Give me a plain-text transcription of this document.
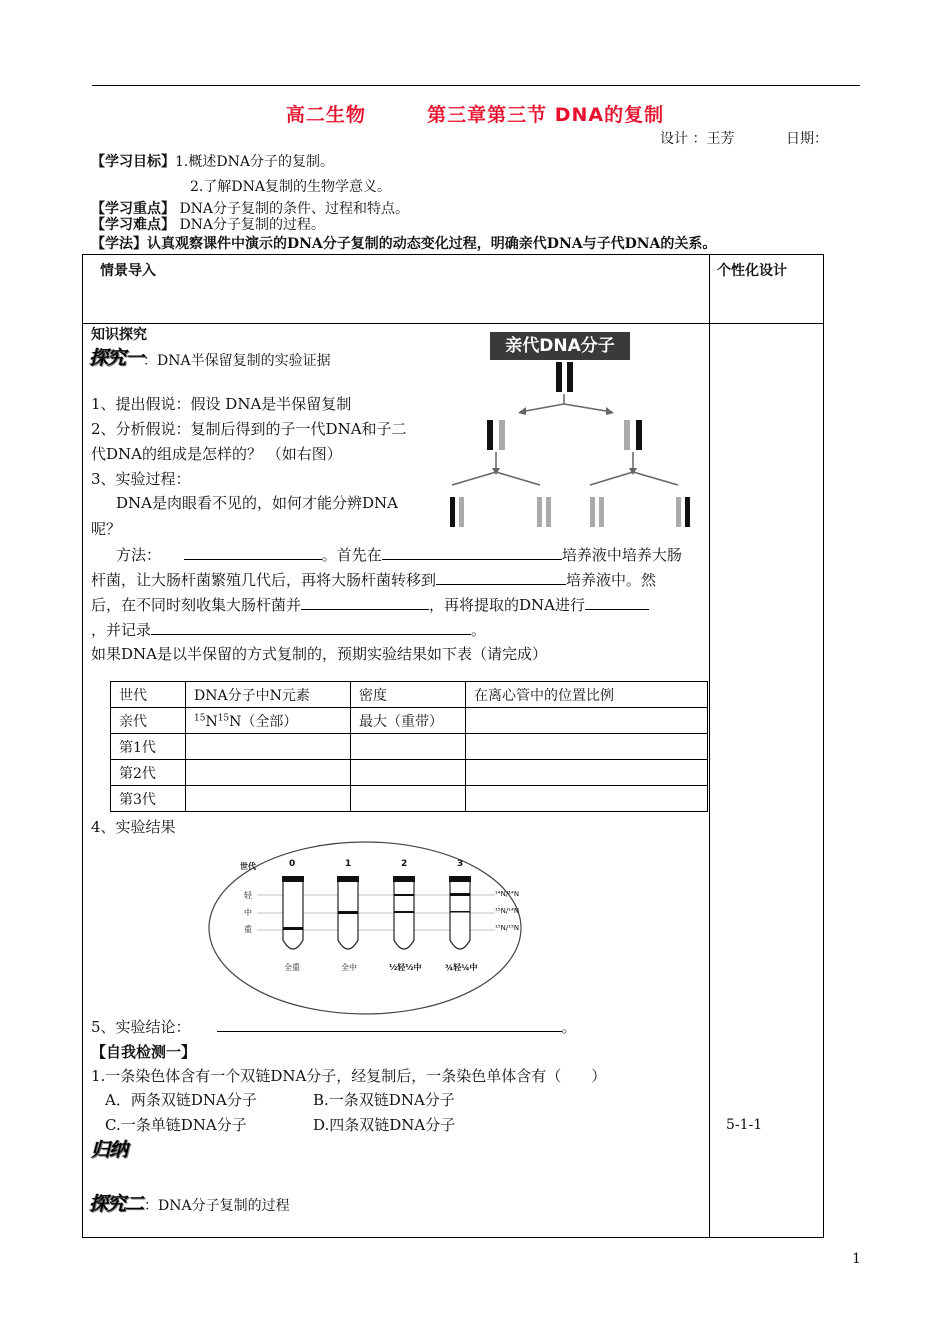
高二生物	第三章第三节 DNA的复制
设计 ：王芳	日期：
【学习目标】1.概述DNA分子的复制。
2.了解DNA复制的生物学意义。
【学习重点】 DNA分子复制的条件、过程和特点。
【学习难点】 DNA分子复制的过程。
【学法】认真观察课件中演示的DNA分子复制的动态变化过程，明确亲代DNA与子代DNA的关系。
情景导入	个性化设计
知识探究
探究一 ：DNA半保留复制的实验证据
1、提出假说：假设 DNA是半保留复制
2、分析假说：复制后得到的子一代DNA和子二
代DNA的组成是怎样的？ （如右图）
3、实验过程：
DNA是肉眼看不见的，如何才能分辨DNA
呢？
方法：	。首先在	培养液中培养大肠
杆菌，让大肠杆菌繁殖几代后，再将大肠杆菌转移到	培养液中。然
后，在不同时刻收集大肠杆菌并	，再将提取的DNA进行
，并记录	。
如果DNA是以半保留的方式复制的，预期实验结果如下表（请完成）
亲代DNA分子
世代	DNA分子中N元素	密度	在离心管中的位置比例
亲代	$^{15}N^{15}N$（全部）	最大（重带）	
第1代			
第2代			
第3代			
4、实验结果
世代	0	1	2	3
轻
中
重
¹⁴N/¹⁴N
¹⁵N/¹⁴N
¹⁵N/¹⁵N
全重	全中	½轻½中	¾轻¼中
5、实验结论：	。
【自我检测一】
1.一条染色体含有一个双链DNA分子，经复制后，一条染色单体含有（　　）
A．两条双链DNA分子	B.一条双链DNA分子
C.一条单链DNA分子	D.四条双链DNA分子	5-1-1
归纳
探究二 ：DNA分子复制的过程
1
